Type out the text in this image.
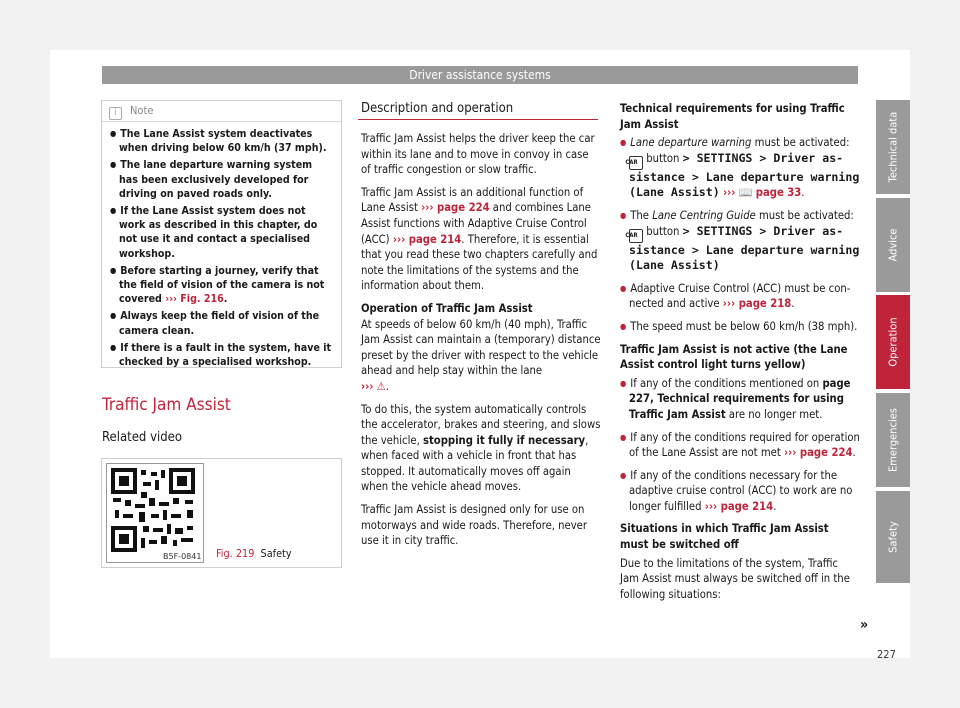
Driver assistance systems
Technical data
Advice
Operation
Emergencies
Safety
i Note

● The Lane Assist system deactivates when driving below 60 km/h (37 mph).

● The lane departure warning system has been exclusively developed for driving on paved roads only.

● If the Lane Assist system does not work as described in this chapter, do not use it and contact a specialised workshop.

● Before starting a journey, verify that the field of vision of the camera is not covered ››› Fig. 216.

● Always keep the field of vision of the camera clean.

● If there is a fault in the system, have it checked by a specialised workshop.

Traffic Jam Assist
Related video
B5F-0841 Fig. 219 Safety
Description and operation

Traffic Jam Assist helps the driver keep the car within its lane and to move in convoy in case of traffic congestion or slow traffic.

Traffic Jam Assist is an additional function of Lane Assist ››› page 224 and combines Lane Assist functions with Adaptive Cruise Control (ACC) ››› page 214. Therefore, it is essential that you read these two chapters carefully and note the limitations of the systems and the information about them.

Operation of Traffic Jam Assist

At speeds of below 60 km/h (40 mph), Traffic Jam Assist can maintain a (temporary) distance preset by the driver with respect to the vehicle ahead and help stay within the lane
››› ⚠.

To do this, the system automatically controls the accelerator, brakes and steering, and slows the vehicle, stopping it fully if necessary, when faced with a vehicle in front that has stopped. It automatically moves off again when the vehicle ahead moves.

Traffic Jam Assist is designed only for use on motorways and wide roads. Therefore, never use it in city traffic.

Technical requirements for using Traffic Jam Assist

● Lane departure warning must be activated:
CAR button > SETTINGS > Driver assistance > Lane departure warning (Lane Assist) ››› 📖 page 33.

● The Lane Centring Guide must be activated:
CAR button > SETTINGS > Driver assistance > Lane departure warning (Lane Assist)

● Adaptive Cruise Control (ACC) must be connected and active ››› page 218.

● The speed must be below 60 km/h (38 mph).

Traffic Jam Assist is not active (the Lane Assist control light turns yellow)

● If any of the conditions mentioned on page 227, Technical requirements for using Traffic Jam Assist are no longer met.

● If any of the conditions required for operation of the Lane Assist are not met ››› page 224.

● If any of the conditions necessary for the adaptive cruise control (ACC) to work are no longer fulfilled ››› page 214.

Situations in which Traffic Jam Assist must be switched off

Due to the limitations of the system, Traffic Jam Assist must always be switched off in the following situations:

»
227
